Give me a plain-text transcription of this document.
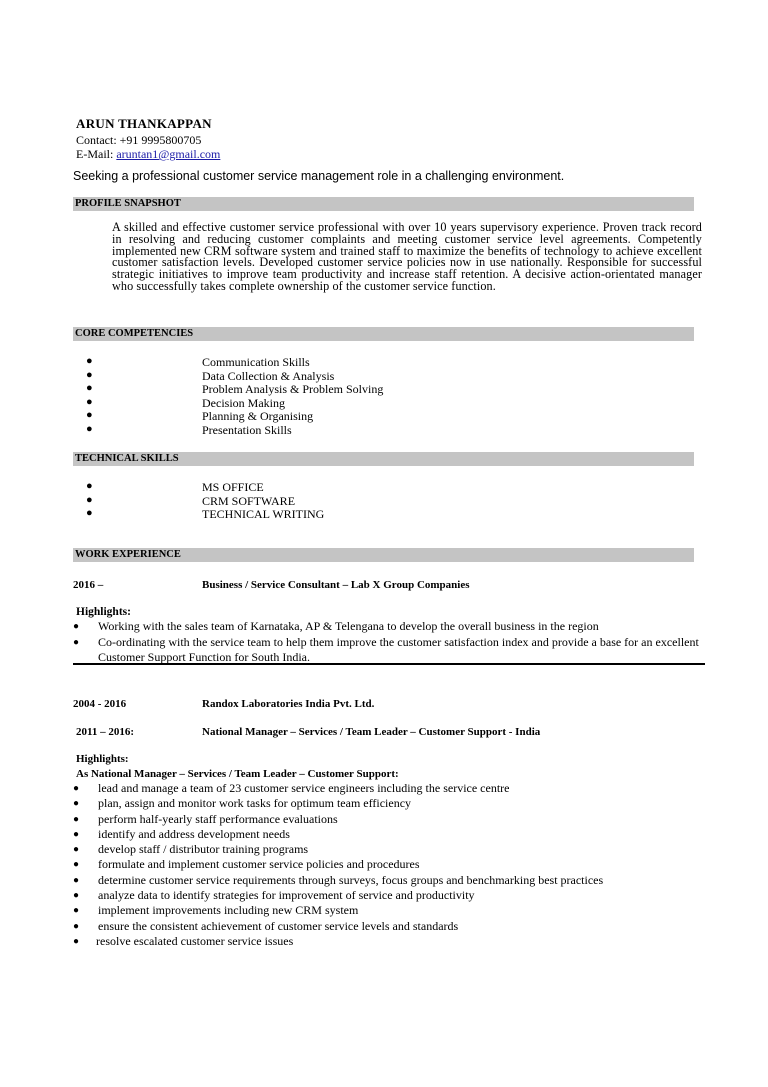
ARUN THANKAPPAN
Contact: +91 9995800705
E-Mail: aruntan1@gmail.com
Seeking a professional customer service management role in a challenging environment.
PROFILE SNAPSHOT
A skilled and effective customer service professional with over 10 years supervisory experience. Proven track record in resolving and reducing customer complaints and meeting customer service level agreements. Competently implemented new CRM software system and trained staff to maximize the benefits of technology to achieve excellent customer satisfaction levels. Developed customer service policies now in use nationally. Responsible for successful strategic initiatives to improve team productivity and increase staff retention. A decisive action-orientated manager who successfully takes complete ownership of the customer service function.
CORE COMPETENCIES
●	Communication Skills
●	Data Collection & Analysis
●	Problem Analysis & Problem Solving
●	Decision Making
●	Planning & Organising
●	Presentation Skills
TECHNICAL SKILLS
●	MS OFFICE
●	CRM SOFTWARE
●	TECHNICAL WRITING
WORK EXPERIENCE
2016 –	Business / Service Consultant – Lab X Group Companies
Highlights:
● Working with the sales team of Karnataka, AP & Telengana to develop the overall business in the region
● Co-ordinating with the service team to help them improve the customer satisfaction index and provide a base for an excellent Customer Support Function for South India.
2004 - 2016	Randox Laboratories India Pvt. Ltd.
2011 – 2016:	National Manager – Services / Team Leader – Customer Support - India
Highlights:
As National Manager – Services / Team Leader – Customer Support:
● lead and manage a team of 23 customer service engineers including the service centre
● plan, assign and monitor work tasks for optimum team efficiency
● perform half-yearly staff performance evaluations
● identify and address development needs
● develop staff / distributor training programs
● formulate and implement customer service policies and procedures
● determine customer service requirements through surveys, focus groups and benchmarking best practices
● analyze data to identify strategies for improvement of service and productivity
● implement improvements including new CRM system
● ensure the consistent achievement of customer service levels and standards
● resolve escalated customer service issues
